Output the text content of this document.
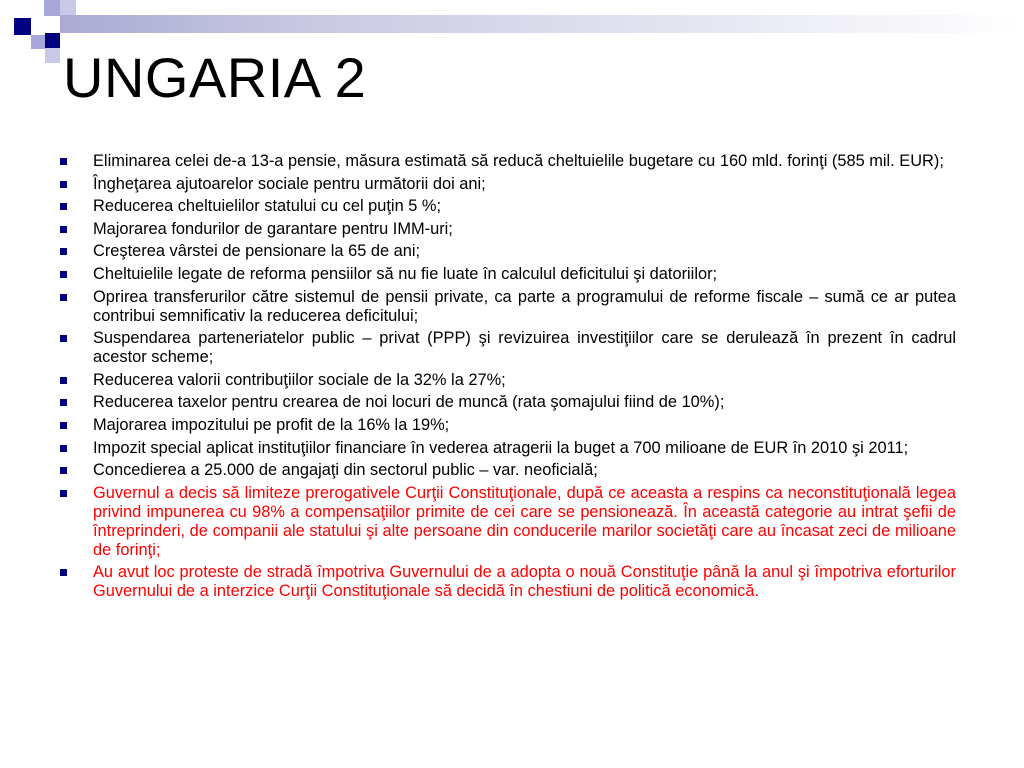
UNGARIA 2
Eliminarea celei de-a 13-a pensie, măsura estimată să reducă cheltuielile bugetare cu 160 mld. forinţi (585 mil. EUR);
Îngheţarea ajutoarelor sociale pentru următorii doi ani;
Reducerea cheltuielilor statului cu cel puţin 5 %;
Majorarea fondurilor de garantare pentru IMM-uri;
Creşterea vârstei de pensionare la 65 de ani;
Cheltuielile legate de reforma pensiilor să nu fie luate în calculul deficitului şi datoriilor;
Oprirea transferurilor către sistemul de pensii private, ca parte a programului de reforme fiscale – sumă ce ar putea contribui semnificativ la reducerea deficitului;
Suspendarea parteneriatelor public – privat (PPP) şi revizuirea investiţiilor care se derulează în prezent în cadrul acestor scheme;
Reducerea valorii contribuţiilor sociale de la 32% la 27%;
Reducerea taxelor pentru crearea de noi locuri de muncă (rata şomajului fiind de 10%);
Majorarea impozitului pe profit de la 16% la 19%;
Impozit special aplicat instituţiilor financiare în vederea atragerii la buget a 700 milioane de EUR în 2010 şi 2011;
Concedierea a 25.000 de angajaţi din sectorul public – var. neoficială;
Guvernul a decis să limiteze prerogativele Curţii Constituţionale, după ce aceasta a respins ca neconstituţională legea privind impunerea cu 98% a compensaţiilor primite de cei care se pensionează. În această categorie au intrat şefii de întreprinderi, de companii ale statului şi alte persoane din conducerile marilor societăţi care au încasat zeci de milioane de forinţi;
Au avut loc proteste de stradă împotriva Guvernului de a adopta o nouă Constituţie până la anul şi împotriva eforturilor Guvernului de a interzice Curţii Constituţionale să decidă în chestiuni de politică economică.
